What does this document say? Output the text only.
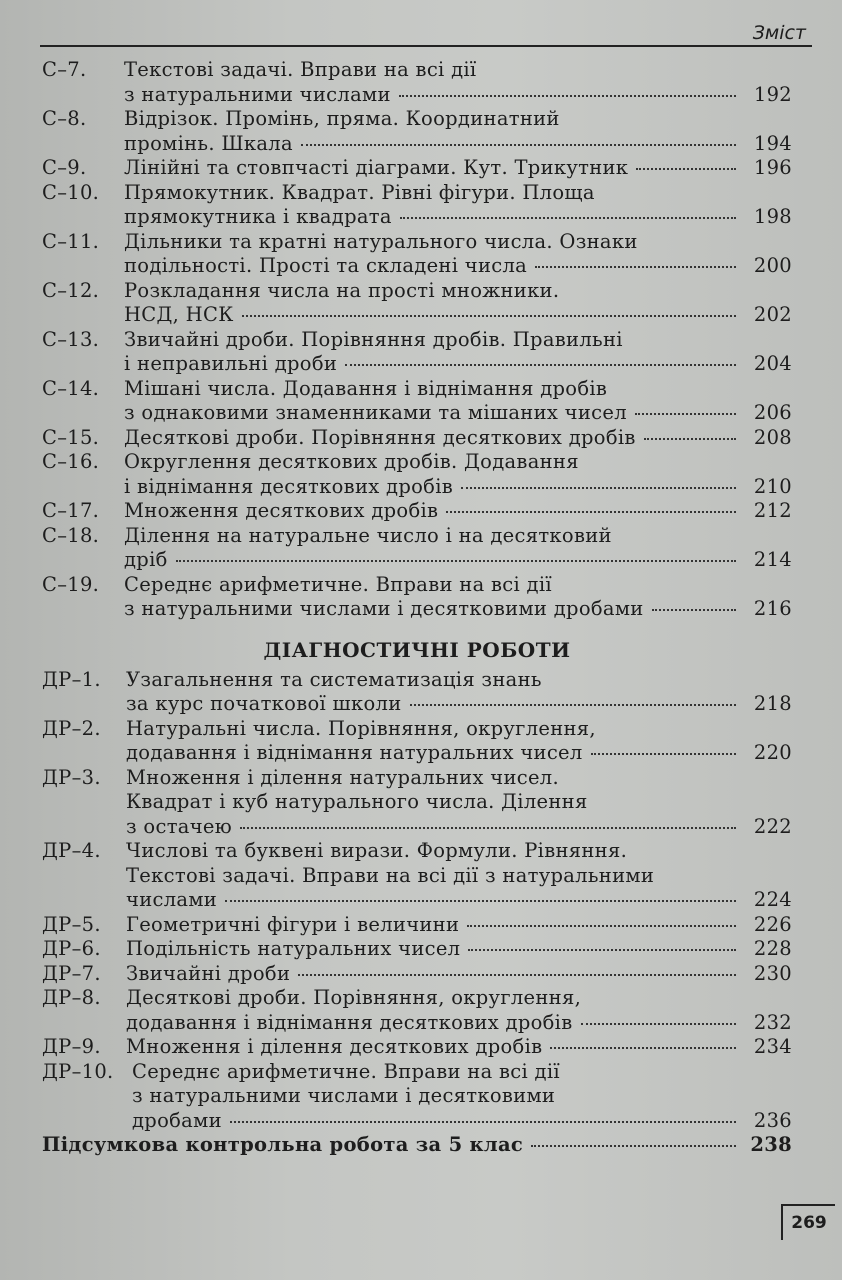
Зміст
С–7. Текстові задачі. Вправи на всі дії
з натуральними числами	192
С–8. Відрізок. Промінь, пряма. Координатний
промінь. Шкала	194
С–9. Лінійні та стовпчасті діаграми. Кут. Трикутник	196
С–10. Прямокутник. Квадрат. Рівні фігури. Площа
прямокутника і квадрата	198
С–11. Дільники та кратні натурального числа. Ознаки
подільності. Прості та складені числа	200
С–12. Розкладання числа на прості множники.
НСД, НСК	202
С–13. Звичайні дроби. Порівняння дробів. Правильні
і неправильні дроби	204
С–14. Мішані числа. Додавання і віднімання дробів
з однаковими знаменниками та мішаних чисел	206
С–15. Десяткові дроби. Порівняння десяткових дробів	208
С–16. Округлення десяткових дробів. Додавання
і віднімання десяткових дробів	210
С–17. Множення десяткових дробів	212
С–18. Ділення на натуральне число і на десятковий
дріб	214
С–19. Середнє арифметичне. Вправи на всі дії
з натуральними числами і десятковими дробами	216
ДІАГНОСТИЧНІ РОБОТИ
ДР–1. Узагальнення та систематизація знань
за курс початкової школи	218
ДР–2. Натуральні числа. Порівняння, округлення,
додавання і віднімання натуральних чисел	220
ДР–3. Множення і ділення натуральних чисел.
Квадрат і куб натурального числа. Ділення
з остачею	222
ДР–4. Числові та буквені вирази. Формули. Рівняння.
Текстові задачі. Вправи на всі дії з натуральними
числами	224
ДР–5. Геометричні фігури і величини	226
ДР–6. Подільність натуральних чисел	228
ДР–7. Звичайні дроби	230
ДР–8. Десяткові дроби. Порівняння, округлення,
додавання і віднімання десяткових дробів	232
ДР–9. Множення і ділення десяткових дробів	234
ДР–10. Середнє арифметичне. Вправи на всі дії
з натуральними числами і десятковими
дробами	236
Підсумкова контрольна робота за 5 клас	238
269
